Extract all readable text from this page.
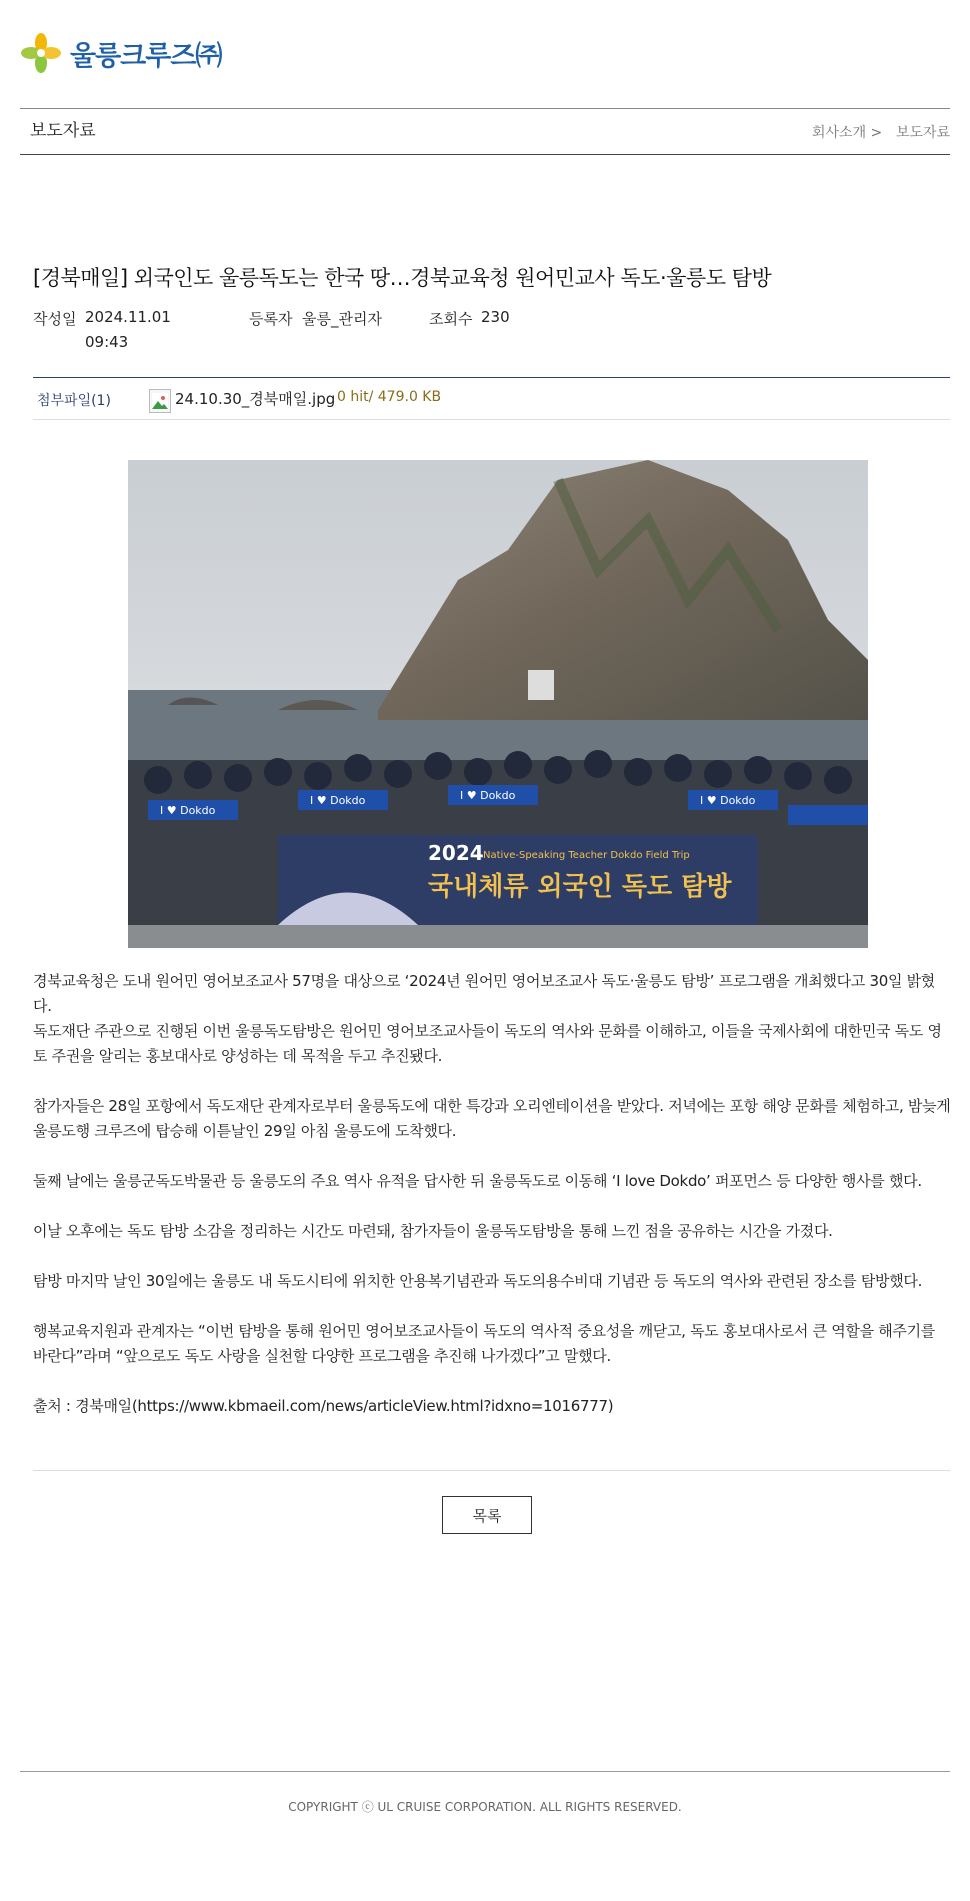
울릉크루즈㈜
보도자료	회사소개 > 보도자료
[경북매일] 외국인도 울릉독도는 한국 땅…경북교육청 원어민교사 독도·울릉도 탐방
작성일 2024.11.01
09:43
등록자 울릉_관리자	조회수 230
첨부파일(1)	24.10.30_경북매일.jpg 0 hit/ 479.0 KB
I ♥ Dokdo
I ♥ Dokdo	I ♥ Dokdo	I ♥ Dokdo
2024 Native-Speaking Teacher Dokdo Field Trip
국내체류 외국인 독도 탐방
경북교육청은 도내 원어민 영어보조교사 57명을 대상으로 ‘2024년 원어민 영어보조교사 독도·울릉도 탐방’ 프로그램을 개최했다고 30일 밝혔다.
독도재단 주관으로 진행된 이번 울릉독도탐방은 원어민 영어보조교사들이 독도의 역사와 문화를 이해하고, 이들을 국제사회에 대한민국 독도 영토 주권을 알리는 홍보대사로 양성하는 데 목적을 두고 추진됐다.
참가자들은 28일 포항에서 독도재단 관계자로부터 울릉독도에 대한 특강과 오리엔테이션을 받았다. 저녁에는 포항 해양 문화를 체험하고, 밤늦게 울릉도행 크루즈에 탑승해 이튿날인 29일 아침 울릉도에 도착했다.
둘째 날에는 울릉군독도박물관 등 울릉도의 주요 역사 유적을 답사한 뒤 울릉독도로 이동해 ‘I love Dokdo’ 퍼포먼스 등 다양한 행사를 했다.
이날 오후에는 독도 탐방 소감을 정리하는 시간도 마련돼, 참가자들이 울릉독도탐방을 통해 느낀 점을 공유하는 시간을 가졌다.
탐방 마지막 날인 30일에는 울릉도 내 독도시티에 위치한 안용복기념관과 독도의용수비대 기념관 등 독도의 역사와 관련된 장소를 탐방했다.
행복교육지원과 관계자는 “이번 탐방을 통해 원어민 영어보조교사들이 독도의 역사적 중요성을 깨닫고, 독도 홍보대사로서 큰 역할을 해주기를 바란다”라며 “앞으로도 독도 사랑을 실천할 다양한 프로그램을 추진해 나가겠다”고 말했다.
출처 : 경북매일(https://www.kbmaeil.com/news/articleView.html?idxno=1016777)
목록
COPYRIGHT ⓒ UL CRUISE CORPORATION. ALL RIGHTS RESERVED.
